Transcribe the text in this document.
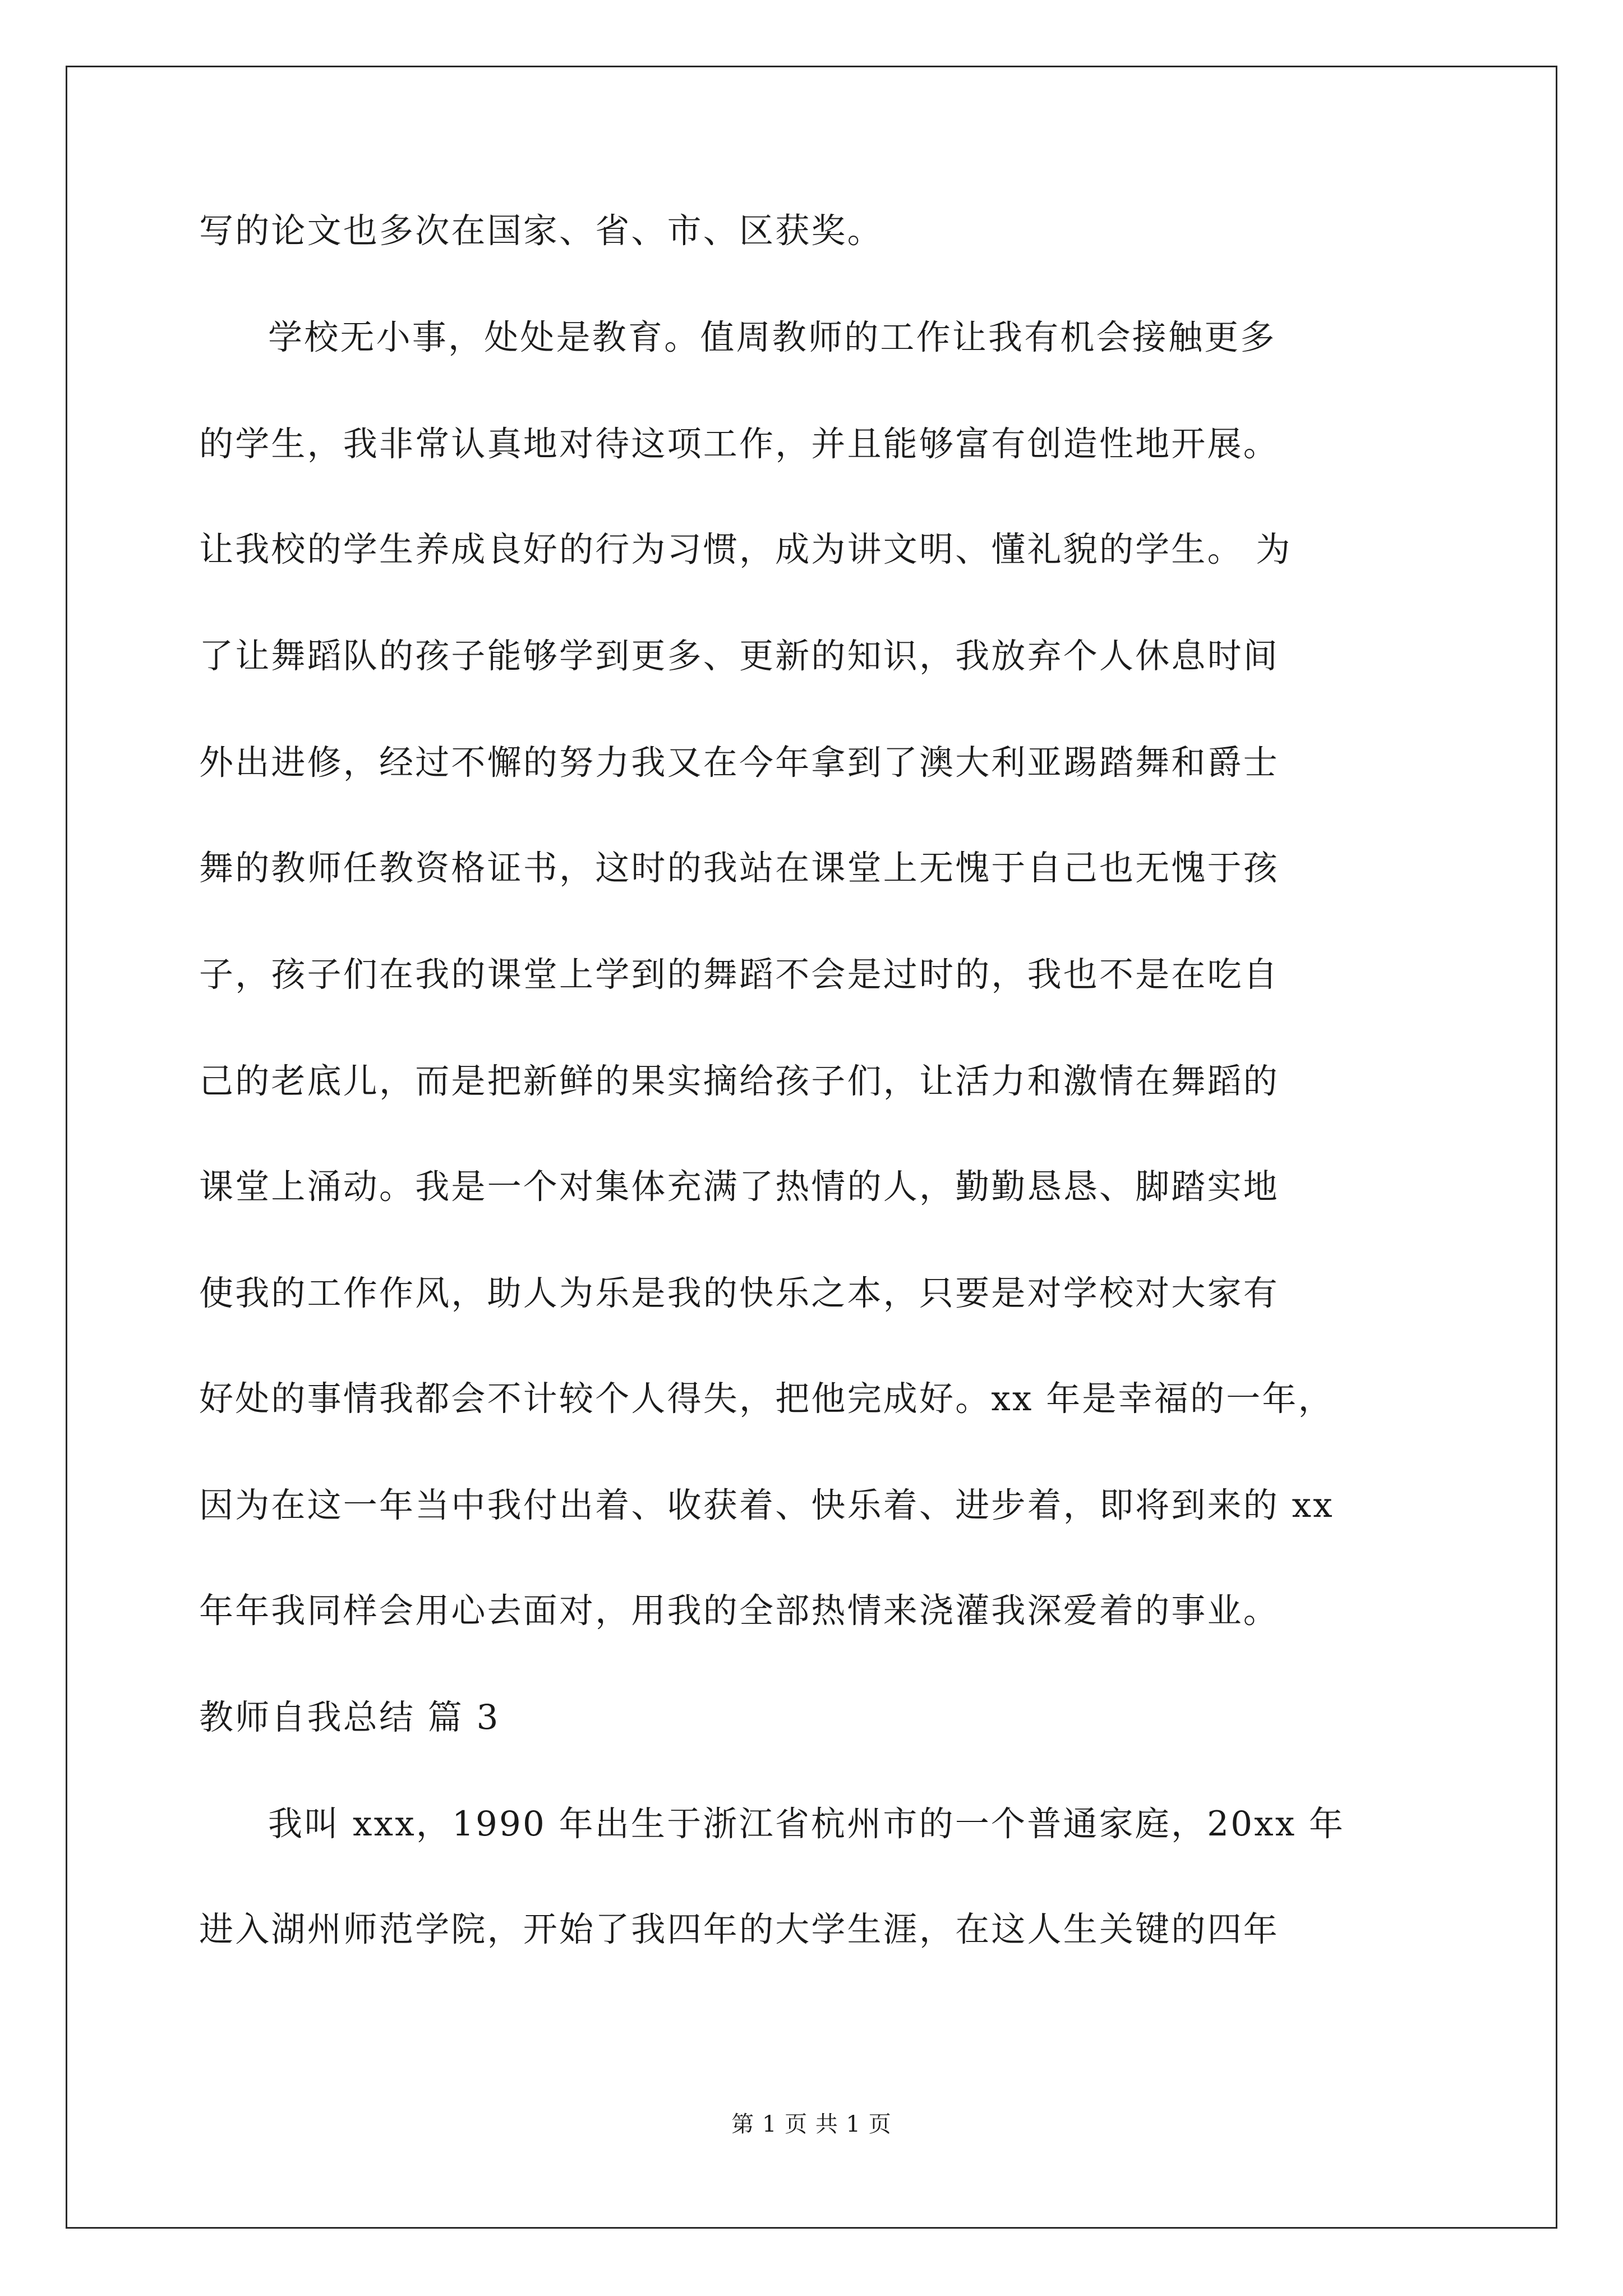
写的论文也多次在国家、省、市、区获奖。
学校无小事，处处是教育。值周教师的工作让我有机会接触更多
的学生，我非常认真地对待这项工作，并且能够富有创造性地开展。
让我校的学生养成良好的行为习惯，成为讲文明、懂礼貌的学生。 为
了让舞蹈队的孩子能够学到更多、更新的知识，我放弃个人休息时间
外出进修，经过不懈的努力我又在今年拿到了澳大利亚踢踏舞和爵士
舞的教师任教资格证书，这时的我站在课堂上无愧于自己也无愧于孩
子，孩子们在我的课堂上学到的舞蹈不会是过时的，我也不是在吃自
己的老底儿，而是把新鲜的果实摘给孩子们，让活力和激情在舞蹈的
课堂上涌动。我是一个对集体充满了热情的人，勤勤恳恳、脚踏实地
使我的工作作风，助人为乐是我的快乐之本，只要是对学校对大家有
好处的事情我都会不计较个人得失，把他完成好。xx 年是幸福的一年，
因为在这一年当中我付出着、收获着、快乐着、进步着，即将到来的 xx
年年我同样会用心去面对，用我的全部热情来浇灌我深爱着的事业。
教师自我总结 篇 3
我叫 xxx，1990 年出生于浙江省杭州市的一个普通家庭，20xx 年
进入湖州师范学院，开始了我四年的大学生涯，在这人生关键的四年
第 1 页 共 1 页
